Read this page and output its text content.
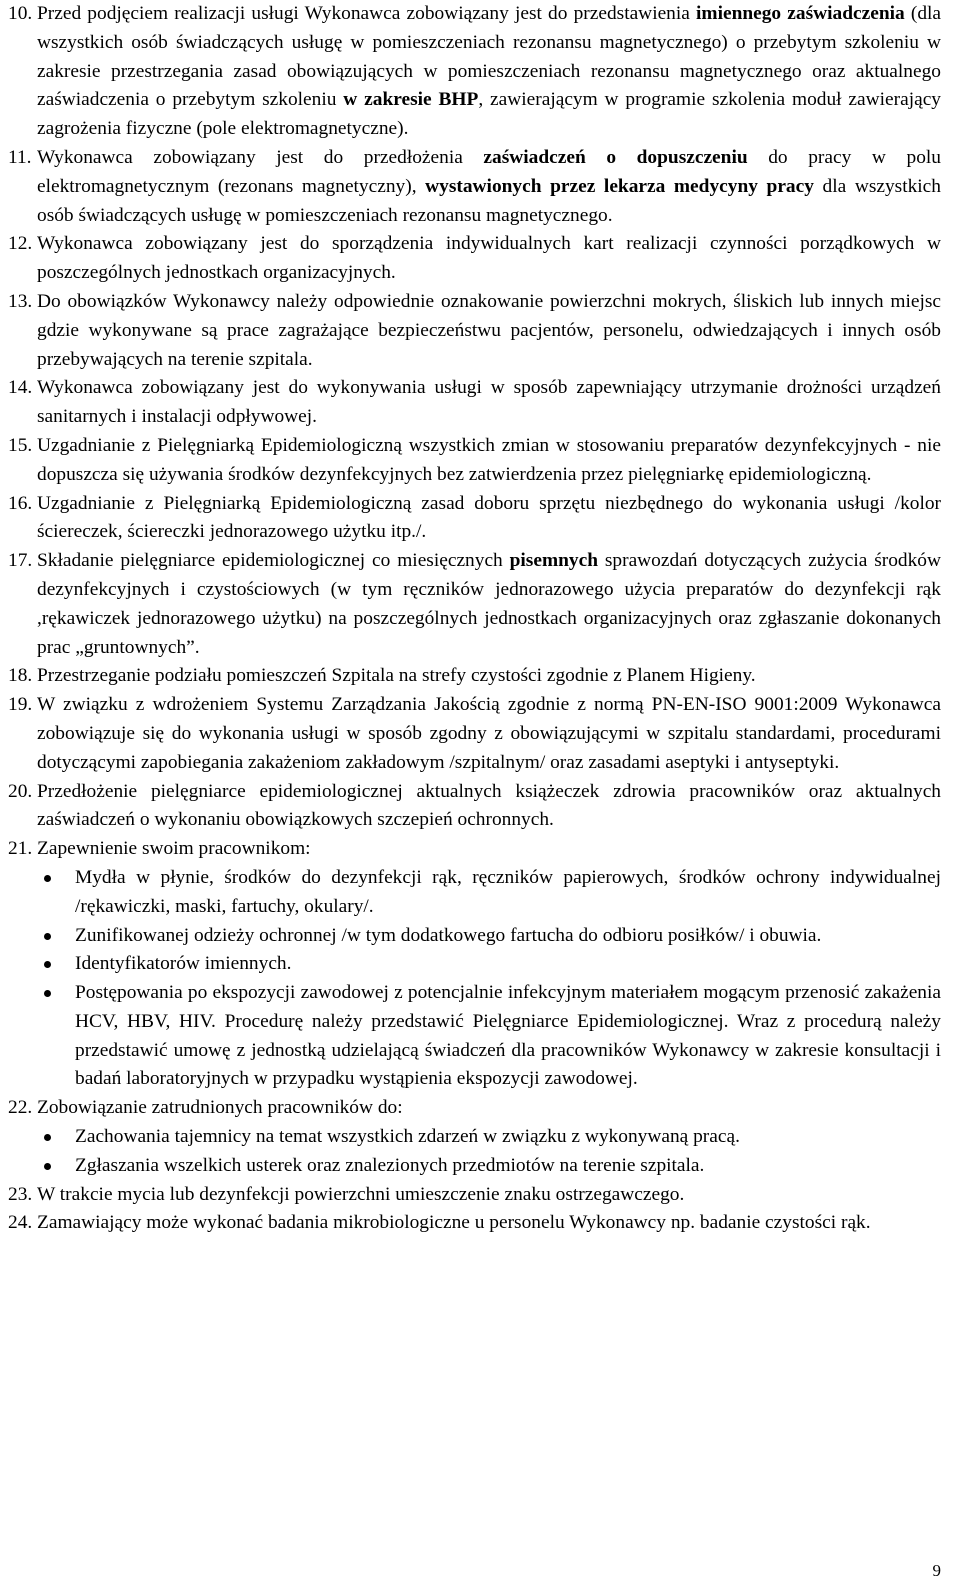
10. Przed podjęciem realizacji usługi Wykonawca zobowiązany jest do przedstawienia imiennego zaświadczenia (dla wszystkich osób świadczących usługę w pomieszczeniach rezonansu magnetycznego) o przebytym szkoleniu w zakresie przestrzegania zasad obowiązujących w pomieszczeniach rezonansu magnetycznego oraz aktualnego zaświadczenia o przebytym szkoleniu w zakresie BHP, zawierającym w programie szkolenia moduł zawierający zagrożenia fizyczne (pole elektromagnetyczne).
11. Wykonawca zobowiązany jest do przedłożenia zaświadczeń o dopuszczeniu do pracy w polu elektromagnetycznym (rezonans magnetyczny), wystawionych przez lekarza medycyny pracy dla wszystkich osób świadczących usługę w pomieszczeniach rezonansu magnetycznego.
12. Wykonawca zobowiązany jest do sporządzenia indywidualnych kart realizacji czynności porządkowych w poszczególnych jednostkach organizacyjnych.
13. Do obowiązków Wykonawcy należy odpowiednie oznakowanie powierzchni mokrych, śliskich lub innych miejsc gdzie wykonywane są prace zagrażające bezpieczeństwu pacjentów, personelu, odwiedzających i innych osób przebywających na terenie szpitala.
14. Wykonawca zobowiązany jest do wykonywania usługi w sposób zapewniający utrzymanie drożności urządzeń sanitarnych i instalacji odpływowej.
15. Uzgadnianie z Pielęgniarką Epidemiologiczną wszystkich zmian w stosowaniu preparatów dezynfekcyjnych - nie dopuszcza się używania środków dezynfekcyjnych bez zatwierdzenia przez pielęgniarkę epidemiologiczną.
16. Uzgadnianie z Pielęgniarką Epidemiologiczną zasad doboru sprzętu niezbędnego do wykonania usługi /kolor ściereczek, ściereczki jednorazowego użytku itp./.
17. Składanie pielęgniarce epidemiologicznej co miesięcznych pisemnych sprawozdań dotyczących zużycia środków dezynfekcyjnych i czystościowych (w tym ręczników jednorazowego użycia preparatów do dezynfekcji rąk ,rękawiczek jednorazowego użytku) na poszczególnych jednostkach organizacyjnych oraz zgłaszanie dokonanych prac „gruntownych”.
18. Przestrzeganie podziału pomieszczeń Szpitala na strefy czystości zgodnie z Planem Higieny.
19. W związku z wdrożeniem Systemu Zarządzania Jakością zgodnie z normą PN-EN-ISO 9001:2009 Wykonawca zobowiązuje się do wykonania usługi w sposób zgodny z obowiązującymi w szpitalu standardami, procedurami dotyczącymi zapobiegania zakażeniom zakładowym /szpitalnym/ oraz zasadami aseptyki i antyseptyki.
20. Przedłożenie pielęgniarce epidemiologicznej aktualnych książeczek zdrowia pracowników oraz aktualnych zaświadczeń o wykonaniu obowiązkowych szczepień ochronnych.
21. Zapewnienie swoim pracownikom:
Mydła w płynie, środków do dezynfekcji rąk, ręczników papierowych, środków ochrony indywidualnej /rękawiczki, maski, fartuchy, okulary/.
Zunifikowanej odzieży ochronnej /w tym dodatkowego fartucha do odbioru posiłków/ i obuwia.
Identyfikatorów imiennych.
Postępowania po ekspozycji zawodowej z potencjalnie infekcyjnym materiałem mogącym przenosić zakażenia HCV, HBV, HIV. Procedurę należy przedstawić Pielęgniarce Epidemiologicznej. Wraz z procedurą należy przedstawić umowę z jednostką udzielającą świadczeń dla pracowników Wykonawcy w zakresie konsultacji i badań laboratoryjnych w przypadku wystąpienia ekspozycji zawodowej.
22. Zobowiązanie zatrudnionych pracowników do:
Zachowania tajemnicy na temat wszystkich zdarzeń w związku z wykonywaną pracą.
Zgłaszania wszelkich usterek oraz znalezionych przedmiotów na terenie szpitala.
23. W trakcie mycia lub dezynfekcji powierzchni umieszczenie znaku ostrzegawczego.
24. Zamawiający może wykonać badania mikrobiologiczne u personelu Wykonawcy np. badanie czystości rąk.
9
